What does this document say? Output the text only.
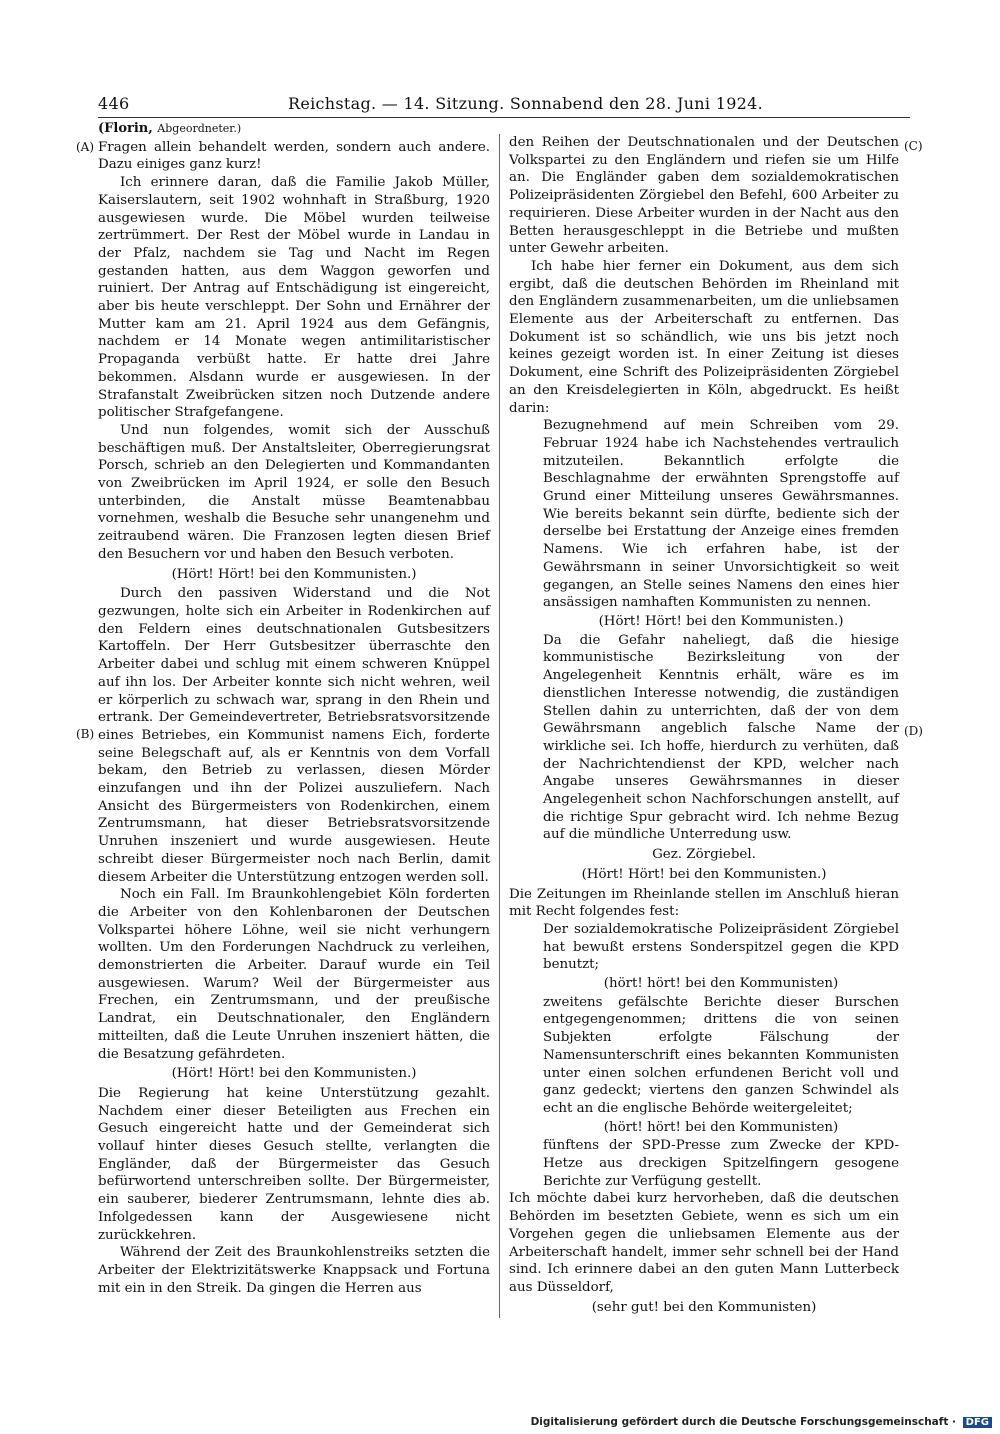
446	Reichstag. — 14. Sitzung. Sonnabend den 28. Juni 1924.
(A)
(B)
(C)
(D)
(Florin, Abgeordneter.)

Fragen allein behandelt werden, sondern auch andere. Dazu einiges ganz kurz!

Ich erinnere daran, daß die Familie Jakob Müller, Kaiserslautern, seit 1902 wohnhaft in Straßburg, 1920 ausgewiesen wurde. Die Möbel wurden teilweise zertrümmert. Der Rest der Möbel wurde in Landau in der Pfalz, nachdem sie Tag und Nacht im Regen gestanden hatten, aus dem Waggon geworfen und ruiniert. Der Antrag auf Entschädigung ist eingereicht, aber bis heute verschleppt. Der Sohn und Ernährer der Mutter kam am 21. April 1924 aus dem Gefängnis, nachdem er 14 Monate wegen antimilitaristischer Propaganda verbüßt hatte. Er hatte drei Jahre bekommen. Alsdann wurde er ausgewiesen. In der Strafanstalt Zweibrücken sitzen noch Dutzende andere politischer Strafgefangene.

Und nun folgendes, womit sich der Ausschuß beschäftigen muß. Der Anstaltsleiter, Oberregierungsrat Porsch, schrieb an den Delegierten und Kommandanten von Zweibrücken im April 1924, er solle den Besuch unterbinden, die Anstalt müsse Beamtenabbau vornehmen, weshalb die Besuche sehr unangenehm und zeitraubend wären. Die Franzosen legten diesen Brief den Besuchern vor und haben den Besuch verboten.

(Hört! Hört! bei den Kommunisten.)

Durch den passiven Widerstand und die Not gezwungen, holte sich ein Arbeiter in Rodenkirchen auf den Feldern eines deutschnationalen Gutsbesitzers Kartoffeln. Der Herr Gutsbesitzer überraschte den Arbeiter dabei und schlug mit einem schweren Knüppel auf ihn los. Der Arbeiter konnte sich nicht wehren, weil er körperlich zu schwach war, sprang in den Rhein und ertrank. Der Gemeindevertreter, Betriebsratsvorsitzende eines Betriebes, ein Kommunist namens Eich, forderte seine Belegschaft auf, als er Kenntnis von dem Vorfall bekam, den Betrieb zu verlassen, diesen Mörder einzufangen und ihn der Polizei auszuliefern. Nach Ansicht des Bürgermeisters von Rodenkirchen, einem Zentrumsmann, hat dieser Betriebsratsvorsitzende Unruhen inszeniert und wurde ausgewiesen. Heute schreibt dieser Bürgermeister noch nach Berlin, damit diesem Arbeiter die Unterstützung entzogen werden soll.

Noch ein Fall. Im Braunkohlengebiet Köln forderten die Arbeiter von den Kohlenbaronen der Deutschen Volkspartei höhere Löhne, weil sie nicht verhungern wollten. Um den Forderungen Nachdruck zu verleihen, demonstrierten die Arbeiter. Darauf wurde ein Teil ausgewiesen. Warum? Weil der Bürgermeister aus Frechen, ein Zentrumsmann, und der preußische Landrat, ein Deutschnationaler, den Engländern mitteilten, daß die Leute Unruhen inszeniert hätten, die die Besatzung gefährdeten.

(Hört! Hört! bei den Kommunisten.)

Die Regierung hat keine Unterstützung gezahlt. Nachdem einer dieser Beteiligten aus Frechen ein Gesuch eingereicht hatte und der Gemeinderat sich vollauf hinter dieses Gesuch stellte, verlangten die Engländer, daß der Bürgermeister das Gesuch befürwortend unterschreiben sollte. Der Bürgermeister, ein sauberer, biederer Zentrumsmann, lehnte dies ab. Infolgedessen kann der Ausgewiesene nicht zurückkehren.

Während der Zeit des Braunkohlenstreiks setzten die Arbeiter der Elektrizitätswerke Knappsack und Fortuna mit ein in den Streik. Da gingen die Herren aus

den Reihen der Deutschnationalen und der Deutschen Volkspartei zu den Engländern und riefen sie um Hilfe an. Die Engländer gaben dem sozialdemokratischen Polizeipräsidenten Zörgiebel den Befehl, 600 Arbeiter zu requirieren. Diese Arbeiter wurden in der Nacht aus den Betten herausgeschleppt in die Betriebe und mußten unter Gewehr arbeiten.

Ich habe hier ferner ein Dokument, aus dem sich ergibt, daß die deutschen Behörden im Rheinland mit den Engländern zusammenarbeiten, um die unliebsamen Elemente aus der Arbeiterschaft zu entfernen. Das Dokument ist so schändlich, wie uns bis jetzt noch keines gezeigt worden ist. In einer Zeitung ist dieses Dokument, eine Schrift des Polizeipräsidenten Zörgiebel an den Kreisdelegierten in Köln, abgedruckt. Es heißt darin:

Bezugnehmend auf mein Schreiben vom 29. Februar 1924 habe ich Nachstehendes vertraulich mitzuteilen. Bekanntlich erfolgte die Beschlagnahme der erwähnten Sprengstoffe auf Grund einer Mitteilung unseres Gewährsmannes. Wie bereits bekannt sein dürfte, bediente sich der derselbe bei Erstattung der Anzeige eines fremden Namens. Wie ich erfahren habe, ist der Gewährsmann in seiner Unvorsichtigkeit so weit gegangen, an Stelle seines Namens den eines hier ansässigen namhaften Kommunisten zu nennen.

(Hört! Hört! bei den Kommunisten.)

Da die Gefahr naheliegt, daß die hiesige kommunistische Bezirksleitung von der Angelegenheit Kenntnis erhält, wäre es im dienstlichen Interesse notwendig, die zuständigen Stellen dahin zu unterrichten, daß der von dem Gewährsmann angeblich falsche Name der wirkliche sei. Ich hoffe, hierdurch zu verhüten, daß der Nachrichtendienst der KPD, welcher nach Angabe unseres Gewährsmannes in dieser Angelegenheit schon Nachforschungen anstellt, auf die richtige Spur gebracht wird. Ich nehme Bezug auf die mündliche Unterredung usw.

Gez. Zörgiebel.

(Hört! Hört! bei den Kommunisten.)

Die Zeitungen im Rheinlande stellen im Anschluß hieran mit Recht folgendes fest:

Der sozialdemokratische Polizeipräsident Zörgiebel hat bewußt erstens Sonderspitzel gegen die KPD benutzt;

(hört! hört! bei den Kommunisten)

zweitens gefälschte Berichte dieser Burschen entgegengenommen; drittens die von seinen Subjekten erfolgte Fälschung der Namensunterschrift eines bekannten Kommunisten unter einen solchen erfundenen Bericht voll und ganz gedeckt; viertens den ganzen Schwindel als echt an die englische Behörde weitergeleitet;

(hört! hört! bei den Kommunisten)

fünftens der SPD-Presse zum Zwecke der KPD-Hetze aus dreckigen Spitzelfingern gesogene Berichte zur Verfügung gestellt.

Ich möchte dabei kurz hervorheben, daß die deutschen Behörden im besetzten Gebiete, wenn es sich um ein Vorgehen gegen die unliebsamen Elemente aus der Arbeiterschaft handelt, immer sehr schnell bei der Hand sind. Ich erinnere dabei an den guten Mann Lutterbeck aus Düsseldorf,

(sehr gut! bei den Kommunisten)

Digitalisierung gefördert durch die Deutsche Forschungsgemeinschaft · DFG
